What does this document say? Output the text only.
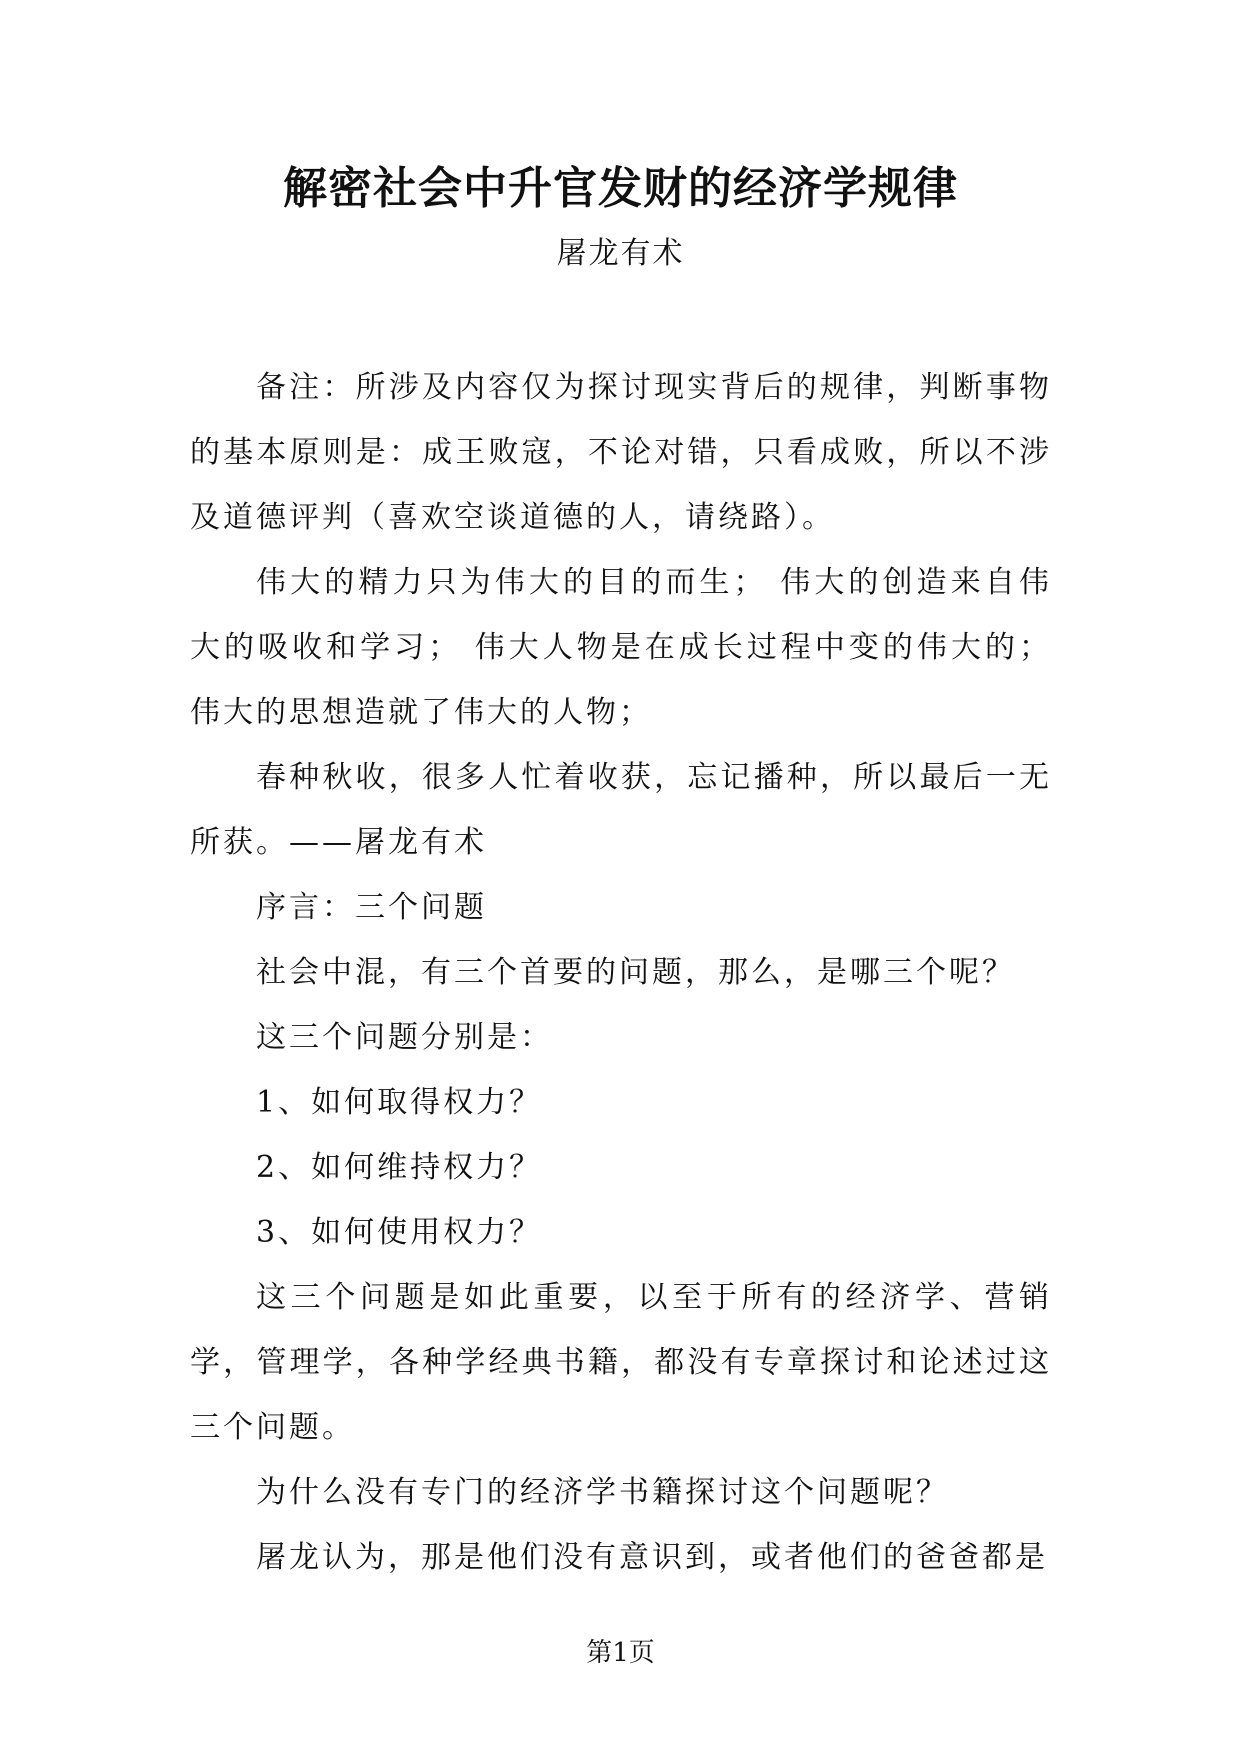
解密社会中升官发财的经济学规律
屠龙有术

备注：所涉及内容仅为探讨现实背后的规律，判断事物的基本原则是：成王败寇，不论对错，只看成败，所以不涉及道德评判（喜欢空谈道德的人，请绕路）。

伟大的精力只为伟大的目的而生； 伟大的创造来自伟大的吸收和学习； 伟大人物是在成长过程中变的伟大的；伟大的思想造就了伟大的人物；

春种秋收，很多人忙着收获，忘记播种，所以最后一无所获。——屠龙有术

序言：三个问题

社会中混，有三个首要的问题，那么，是哪三个呢？

这三个问题分别是：

1、如何取得权力？

2、如何维持权力？

3、如何使用权力？

这三个问题是如此重要，以至于所有的经济学、营销学，管理学，各种学经典书籍，都没有专章探讨和论述过这三个问题。

为什么没有专门的经济学书籍探讨这个问题呢？

屠龙认为，那是他们没有意识到，或者他们的爸爸都是

第1页
